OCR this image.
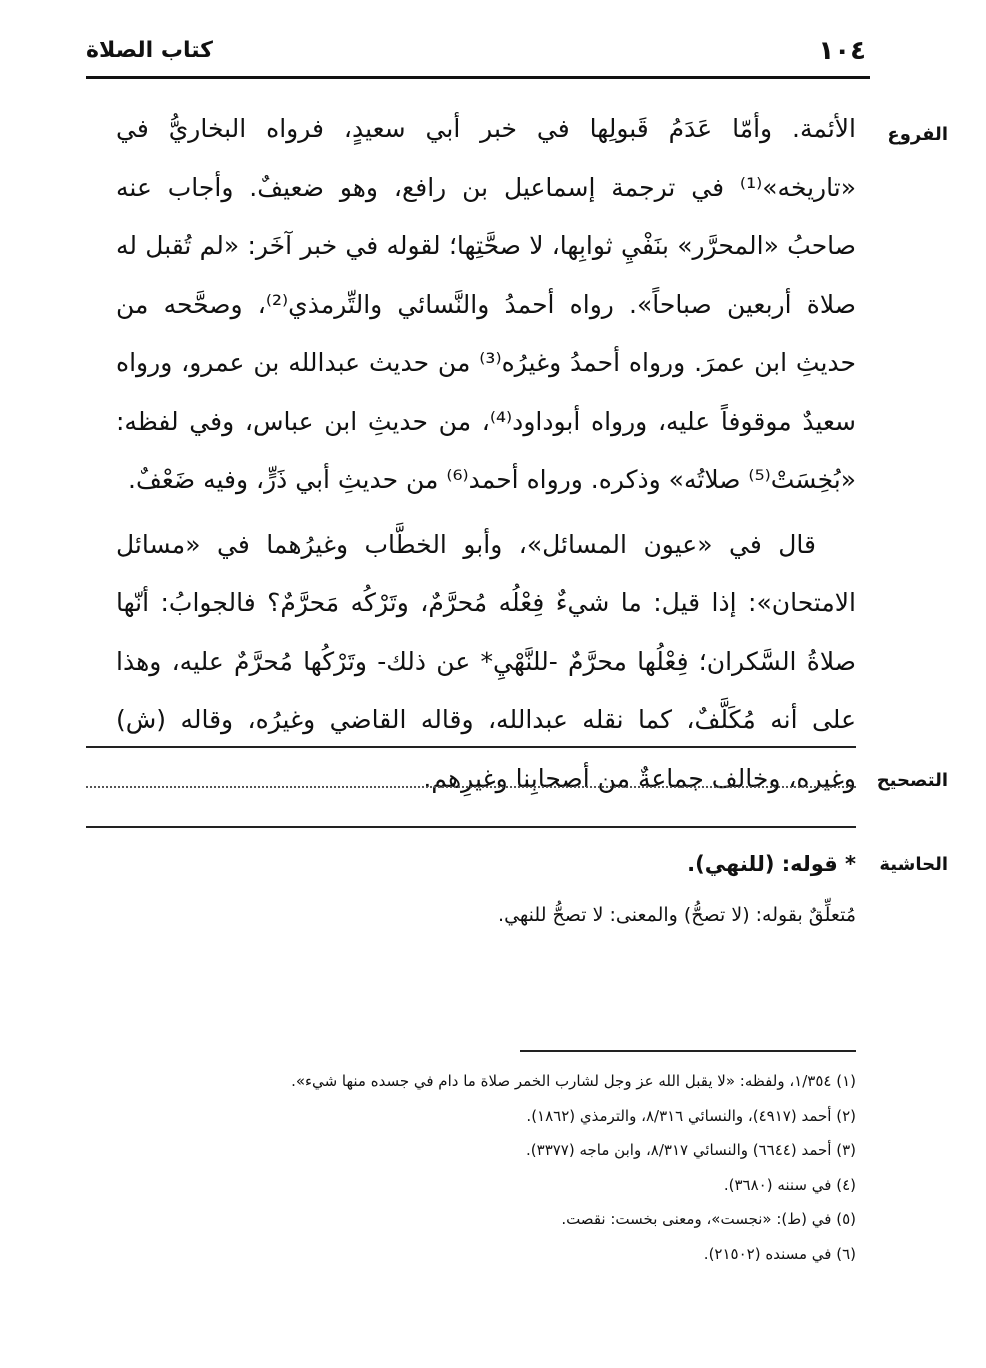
١٠٤
كتاب الصلاة
الفروع
التصحيح
الحاشية

الأئمة. وأمّا عَدَمُ قَبولِها في خبر أبي سعيدٍ، فرواه البخاريُّ في «تاريخه»⁽¹⁾ في ترجمة إسماعيل بن رافع، وهو ضعيفٌ. وأجاب عنه صاحبُ «المحرَّر» بنَفْيِ ثوابِها، لا صحَّتِها؛ لقوله في خبر آخَر: «لم تُقبل له صلاة أربعين صباحاً». رواه أحمدُ والنَّسائي والتِّرمذي⁽²⁾، وصحَّحه من حديثِ ابن عمرَ. ورواه أحمدُ وغيرُه⁽³⁾ من حديث عبدالله بن عمرو، ورواه سعيدٌ موقوفاً عليه، ورواه أبوداود⁽⁴⁾، من حديثِ ابن عباس، وفي لفظه: «بُخِسَتْ⁽⁵⁾ صلاتُه» وذكره. ورواه أحمد⁽⁶⁾ من حديثِ أبي ذَرٍّ، وفيه ضَعْفٌ.

قال في «عيون المسائل»، وأبو الخطَّاب وغيرُهما في «مسائل الامتحان»: إذا قيل: ما شيءٌ فِعْلُه مُحرَّمٌ، وتَرْكُه مَحرَّمٌ؟ فالجوابُ: أنّها صلاةُ السَّكران؛ فِعْلُها محرَّمٌ -للنَّهْيِ* عن ذلك- وتَرْكُها مُحرَّمٌ عليه، وهذا على أنه مُكَلَّفٌ، كما نقله عبدالله، وقاله القاضي وغيرُه، وقاله (ش) وغيره، وخالف جماعةٌ من أصحابِنا وغيرِهم.

* قوله: (للنهي).
مُتعلِّقٌ بقوله: (لا تصحُّ) والمعنى: لا تصحُّ للنهي.
(١) ١/٣٥٤، ولفظه: «لا يقبل الله عز وجل لشارب الخمر صلاة ما دام في جسده منها شيء».
(٢) أحمد (٤٩١٧)، والنسائي ٨/٣١٦، والترمذي (١٨٦٢).
(٣) أحمد (٦٦٤٤) والنسائي ٨/٣١٧، وابن ماجه (٣٣٧٧).
(٤) في سننه (٣٦٨٠).
(٥) في (ط): «نجست»، ومعنى بخست: نقصت.
(٦) في مسنده (٢١٥٠٢).
